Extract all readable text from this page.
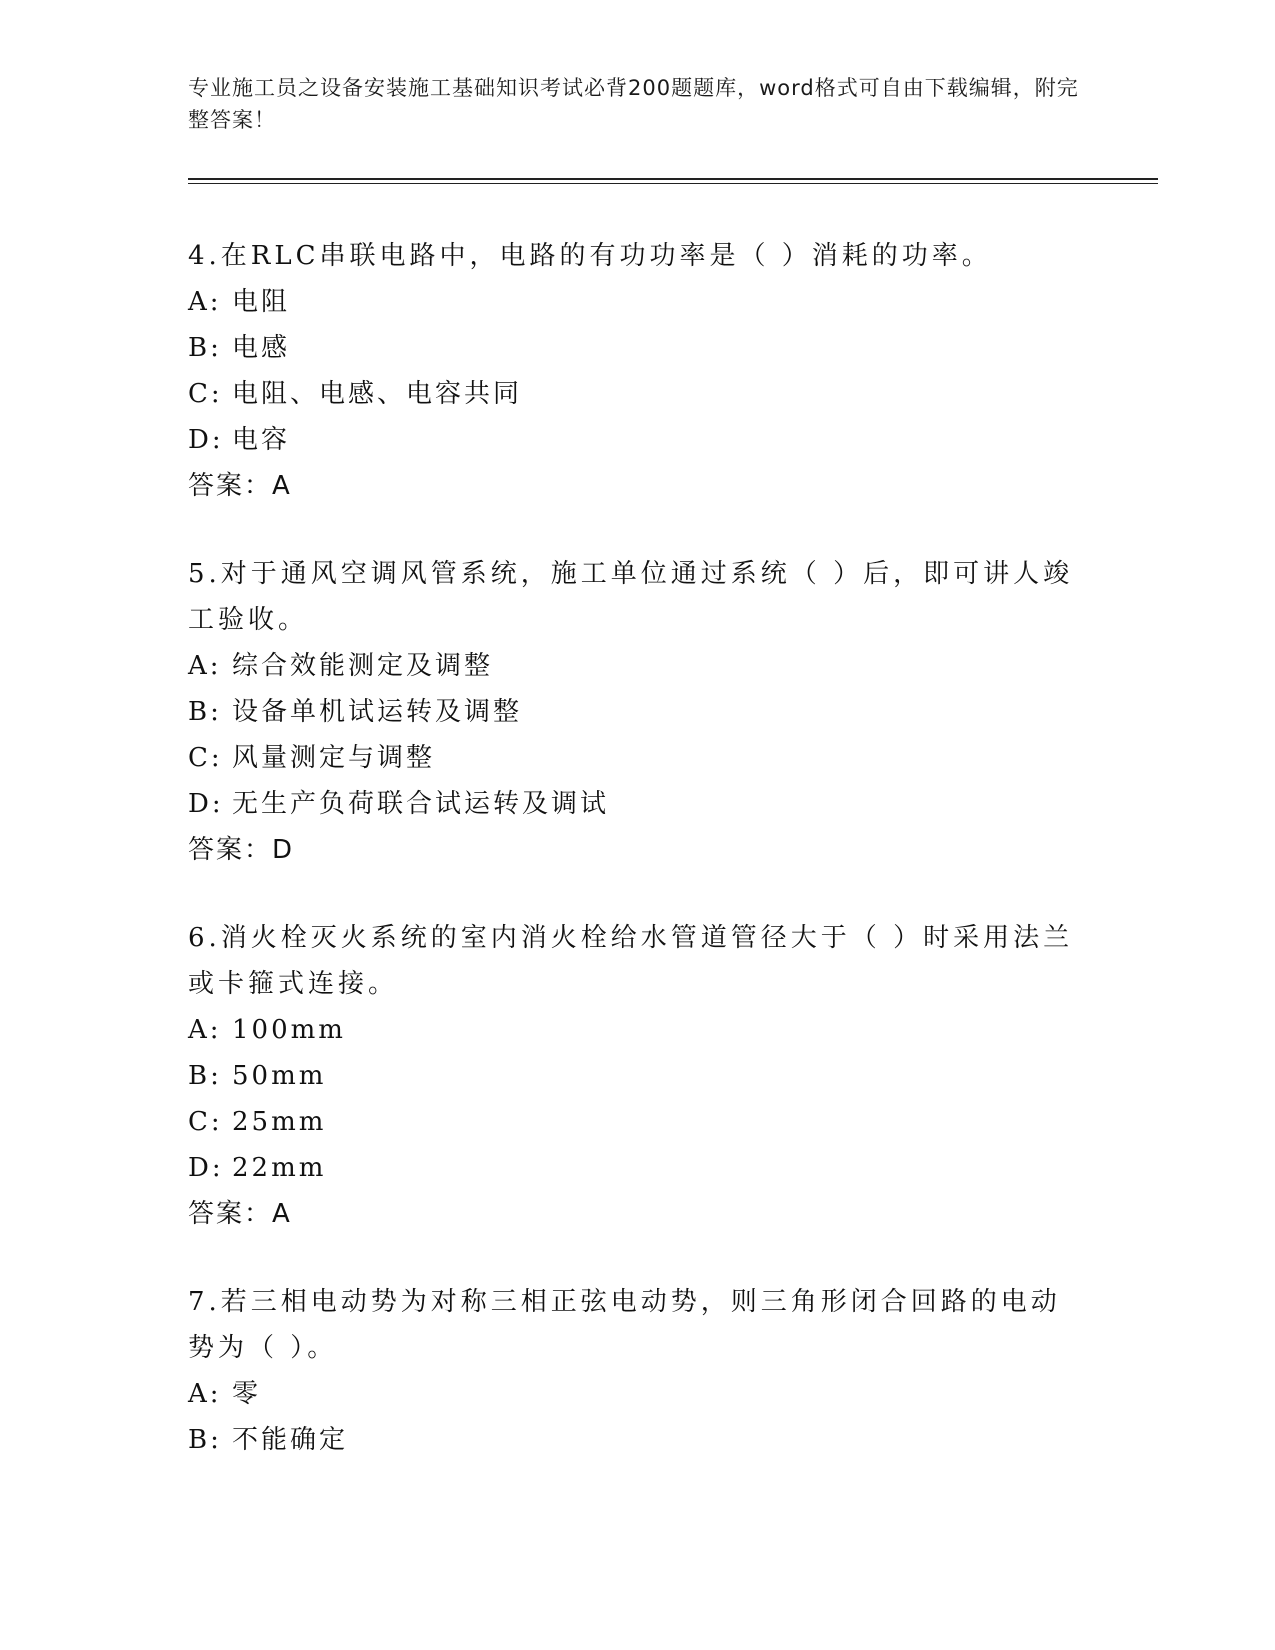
专业施工员之设备安装施工基础知识考试必背200题题库，word格式可自由下载编辑，附完整答案！

4.在RLC串联电路中，电路的有功功率是（ ）消耗的功率。

A: 电阻

B: 电感

C: 电阻、电感、电容共同

D: 电容

答案：A

5.对于通风空调风管系统，施工单位通过系统（ ）后，即可讲人竣工验收。

A: 综合效能测定及调整

B: 设备单机试运转及调整

C: 风量测定与调整

D: 无生产负荷联合试运转及调试

答案：D

6.消火栓灭火系统的室内消火栓给水管道管径大于（ ）时采用法兰或卡箍式连接。

A: 100mm

B: 50mm

C: 25mm

D: 22mm

答案：A

7.若三相电动势为对称三相正弦电动势，则三角形闭合回路的电动势为（ ）。

A: 零

B: 不能确定
